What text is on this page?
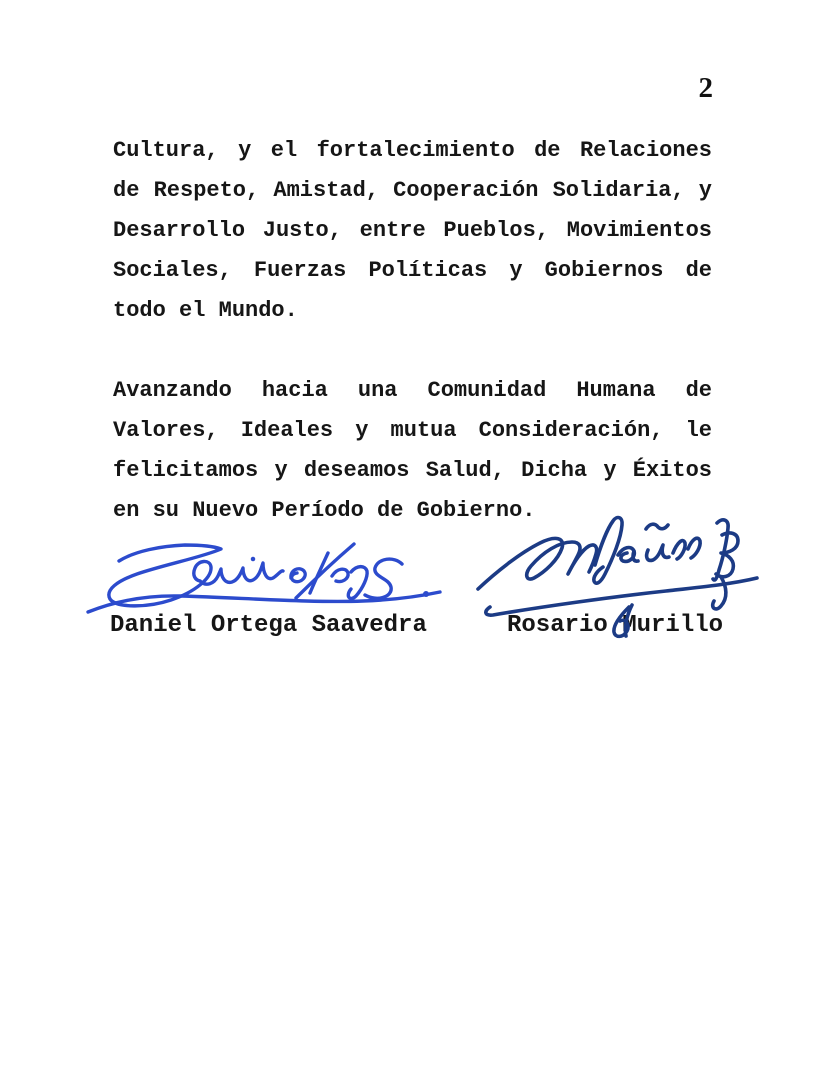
2
Cultura, y el fortalecimiento de Relaciones
de Respeto, Amistad, Cooperación Solidaria, y
Desarrollo Justo, entre Pueblos, Movimientos
Sociales, Fuerzas Políticas y Gobiernos de
todo el Mundo.
Avanzando hacia una Comunidad Humana de
Valores, Ideales y mutua Consideración, le
felicitamos y deseamos Salud, Dicha y Éxitos
en su Nuevo Período de Gobierno.
Daniel Ortega Saavedra	Rosario Murillo
